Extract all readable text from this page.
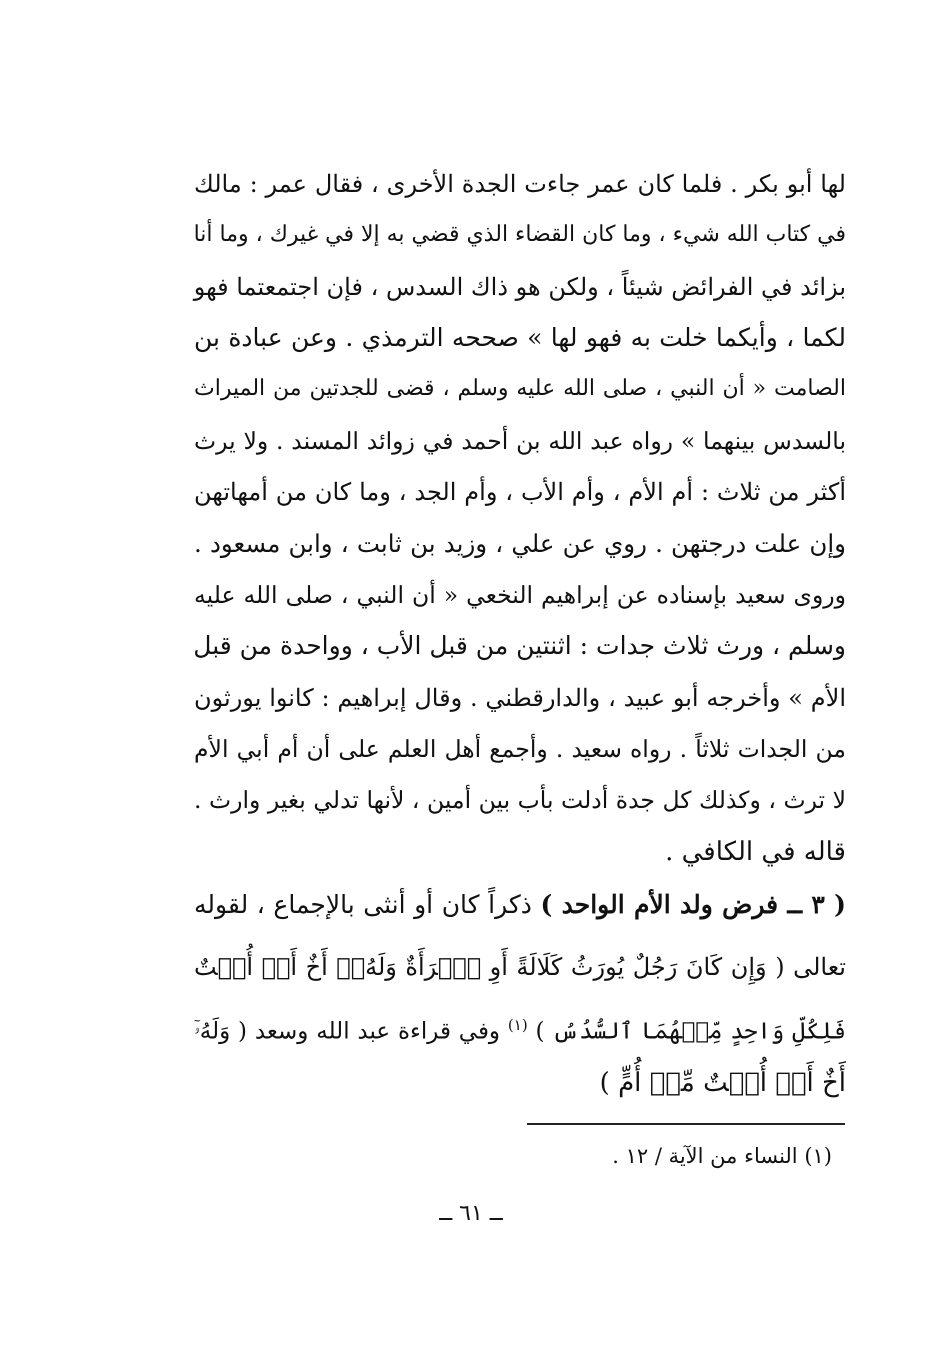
لها أبو بكر . فلما كان عمر جاءت الجدة الأخرى ، فقال عمر : مالك
في كتاب الله شيء ، وما كان القضاء الذي قضي به إلا في غيرك ، وما أنا
بزائد في الفرائض شيئاً ، ولكن هو ذاك السدس ، فإن اجتمعتما فهو
لكما ، وأيكما خلت به فهو لها » صححه الترمذي . وعن عبادة بن
الصامت « أن النبي ، صلى الله عليه وسلم ، قضى للجدتين من الميراث
بالسدس بينهما » رواه عبد الله بن أحمد في زوائد المسند . ولا يرث
أكثر من ثلاث : أم الأم ، وأم الأب ، وأم الجد ، وما كان من أمهاتهن
وإن علت درجتهن . روي عن علي ، وزيد بن ثابت ، وابن مسعود .
وروى سعيد بإسناده عن إبراهيم النخعي « أن النبي ، صلى الله عليه
وسلم ، ورث ثلاث جدات : اثنتين من قبل الأب ، وواحدة من قبل
الأم » وأخرجه أبو عبيد ، والدارقطني . وقال إبراهيم : كانوا يورثون
من الجدات ثلاثاً . رواه سعيد . وأجمع أهل العلم على أن أم أبي الأم
لا ترث ، وكذلك كل جدة أدلت بأب بين أمين ، لأنها تدلي بغير وارث .
قاله في الكافي .
( ٣ ــ فرض ولد الأم الواحد ) ذكراً كان أو أنثى بالإجماع ، لقوله
تعالى ( وَإِن كَانَ رَجُلٌ يُورَثُ كَلَالَةً أَوِ ٱمۡرَأَةٌ وَلَهُۥٓ أَخٌ أَوۡ أُخۡتٌ
فَلِكُلِّ وَاحِدٍ مِّنۡهُمَا ٱلسُّدُسُ ) $^{(١)}$ وفي قراءة عبد الله وسعد ( وَلَهُۥٓ
أَخٌ أَوۡ أُخۡتٌ مِّنۡ أُمٍّ )
(١) النساء من الآية / ١٢ .
ــ ٦١ ــ
